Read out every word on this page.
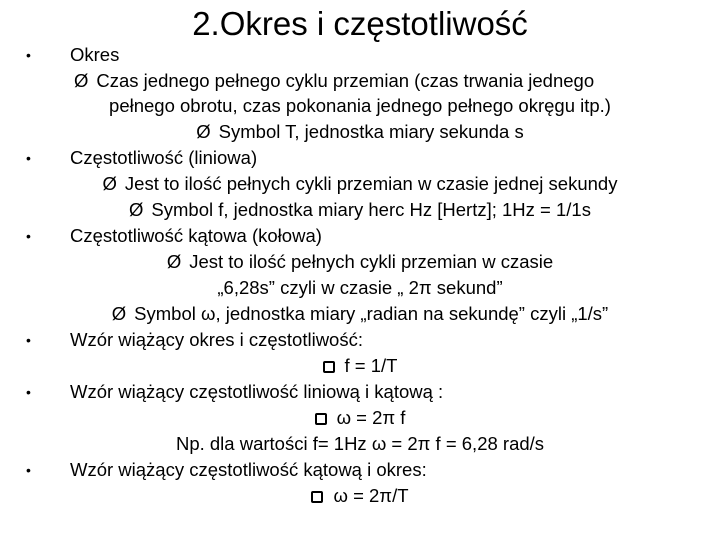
2.Okres i częstotliwość
• Okres
Ø Czas jednego pełnego cyklu przemian (czas trwania jednego
pełnego obrotu, czas pokonania jednego pełnego okręgu itp.)
Ø Symbol T, jednostka miary sekunda s
• Częstotliwość (liniowa)
Ø Jest to ilość pełnych cykli przemian w czasie jednej sekundy
Ø Symbol f, jednostka miary herc Hz [Hertz]; 1Hz = 1/1s
• Częstotliwość kątowa (kołowa)
Ø Jest to ilość pełnych cykli przemian w czasie
„6,28s” czyli w czasie „ 2π sekund”
Ø Symbol ω, jednostka miary „radian na sekundę” czyli „1/s”
• Wzór wiążący okres i częstotliwość:
f = 1/T
• Wzór wiążący częstotliwość liniową i kątową :
ω = 2π f
Np. dla wartości f= 1Hz ω = 2π f = 6,28 rad/s
• Wzór wiążący częstotliwość kątową i okres:
ω = 2π/T
